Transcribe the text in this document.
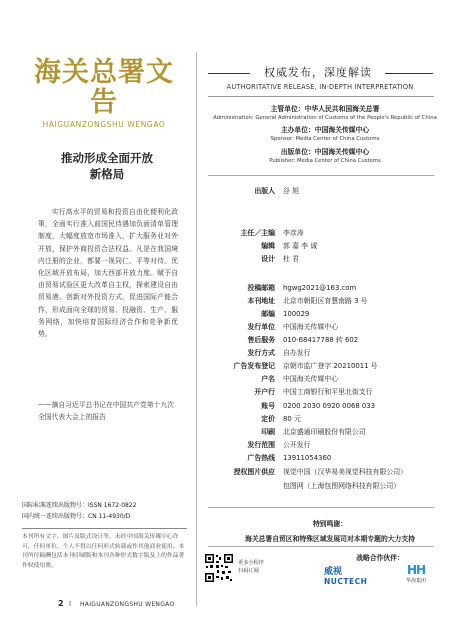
海关总署文告
HAIGUANZONGSHU WENGAO
推动形成全面开放
新格局
实行高水平的贸易和投资自由化便利化政策，全面实行准入前国民待遇加负面清单管理制度，大幅度放宽市场准入，扩大服务业对外开放，保护外商投资合法权益。凡是在我国境内注册的企业，都要一视同仁、平等对待。优化区域开放布局，加大西部开放力度。赋予自由贸易试验区更大改革自主权，探索建设自由贸易港。创新对外投资方式，促进国际产能合作，形成面向全球的贸易、投融资、生产、服务网络，加快培育国际经济合作和竞争新优势。
——摘自习近平总书记在中国共产党第十九次全国代表大会上的报告
国际标准连续出版物号：ISSN 1672-0822
国内统一连续出版物号：CN 11-4930/D
本刊所有文字、图片及版式设计等，未经中国海关传媒中心许可，任何单位、个人不得以任何形式转载或作其他商业使用。本刊所付稿酬包括本刊印刷版和本刊各种形式数字版及上的作品著作权使用费。
2 I HAIGUANZONGSHU WENGAO
权威发布，深度解读
AUTHORITATIVE RELEASE, IN-DEPTH INTERPRETATION
主管单位：中华人民共和国海关总署
Administration: General Administration of Customs of the People's Republic of China
主办单位：中国海关传媒中心
Sponsor: Media Center of China Customs
出版单位：中国海关传媒中心
Publisher: Media Center of China Customs
出版人 谷 旭
主任／主编 李彦涛
编辑 郭 嘉 李 诚
设计 杜 君
投稿邮箱 hgwg2021@163.com
本刊地址 北京市朝阳区育慧南路 3 号
邮编 100029
发行单位 中国海关传媒中心
售后服务 010-68417788 转 602
发行方式 自办发行
广告发布登记 京朝市监广登字 20210011 号
户名 中国海关传媒中心
开户行 中国工商银行和平里北街支行
账号 0200 2030 0920 0068 033
定价 80 元
印刷 北京盛通印刷股份有限公司
发行范围 公开发行
广告热线 13911054360
授权图片供应 视觉中国（汉华易美视觉科技有限公司）
包图网（上海包图网络科技有限公司）
特别鸣谢：
海关总署自贸区和特殊区域发展司对本期专题的大力支持
更多小程序
扫码订阅
战略合作伙伴：
威视
NUCTECH
HH
华海集团
